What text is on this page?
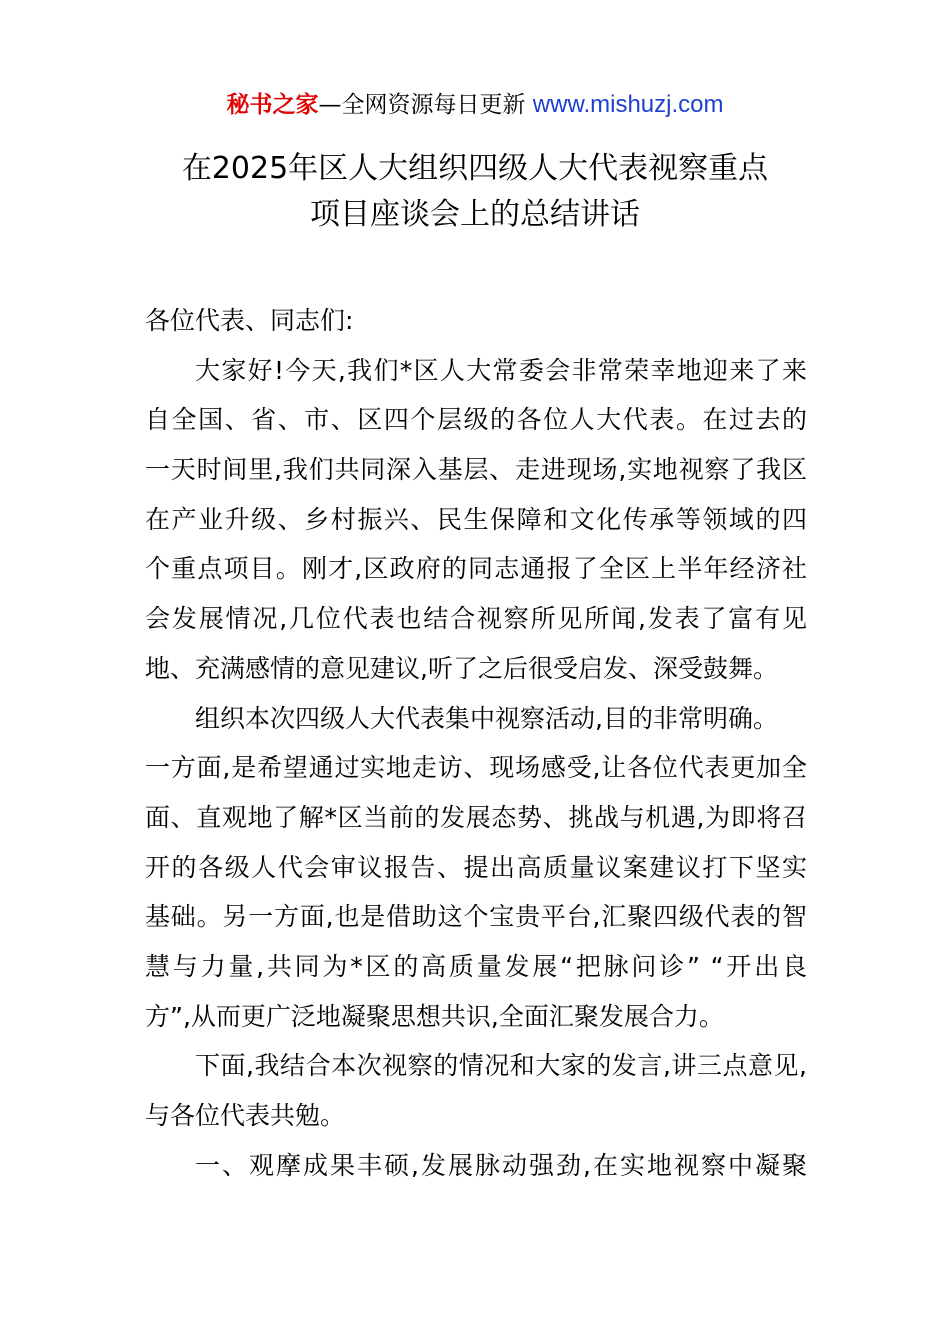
秘书之家—全网资源每日更新 www.mishuzj.com
在2025年区人大组织四级人大代表视察重点
项目座谈会上的总结讲话
各位代表、同志们:
大家好!今天,我们*区人大常委会非常荣幸地迎来了来
自全国、省、市、区四个层级的各位人大代表。在过去的
一天时间里,我们共同深入基层、走进现场,实地视察了我区
在产业升级、乡村振兴、民生保障和文化传承等领域的四
个重点项目。刚才,区政府的同志通报了全区上半年经济社
会发展情况,几位代表也结合视察所见所闻,发表了富有见
地、充满感情的意见建议,听了之后很受启发、深受鼓舞。
组织本次四级人大代表集中视察活动,目的非常明确。
一方面,是希望通过实地走访、现场感受,让各位代表更加全
面、直观地了解*区当前的发展态势、挑战与机遇,为即将召
开的各级人代会审议报告、提出高质量议案建议打下坚实
基础。另一方面,也是借助这个宝贵平台,汇聚四级代表的智
慧与力量,共同为*区的高质量发展“把脉问诊” “开出良
方”,从而更广泛地凝聚思想共识,全面汇聚发展合力。
下面,我结合本次视察的情况和大家的发言,讲三点意见,
与各位代表共勉。
一、观摩成果丰硕,发展脉动强劲,在实地视察中凝聚
